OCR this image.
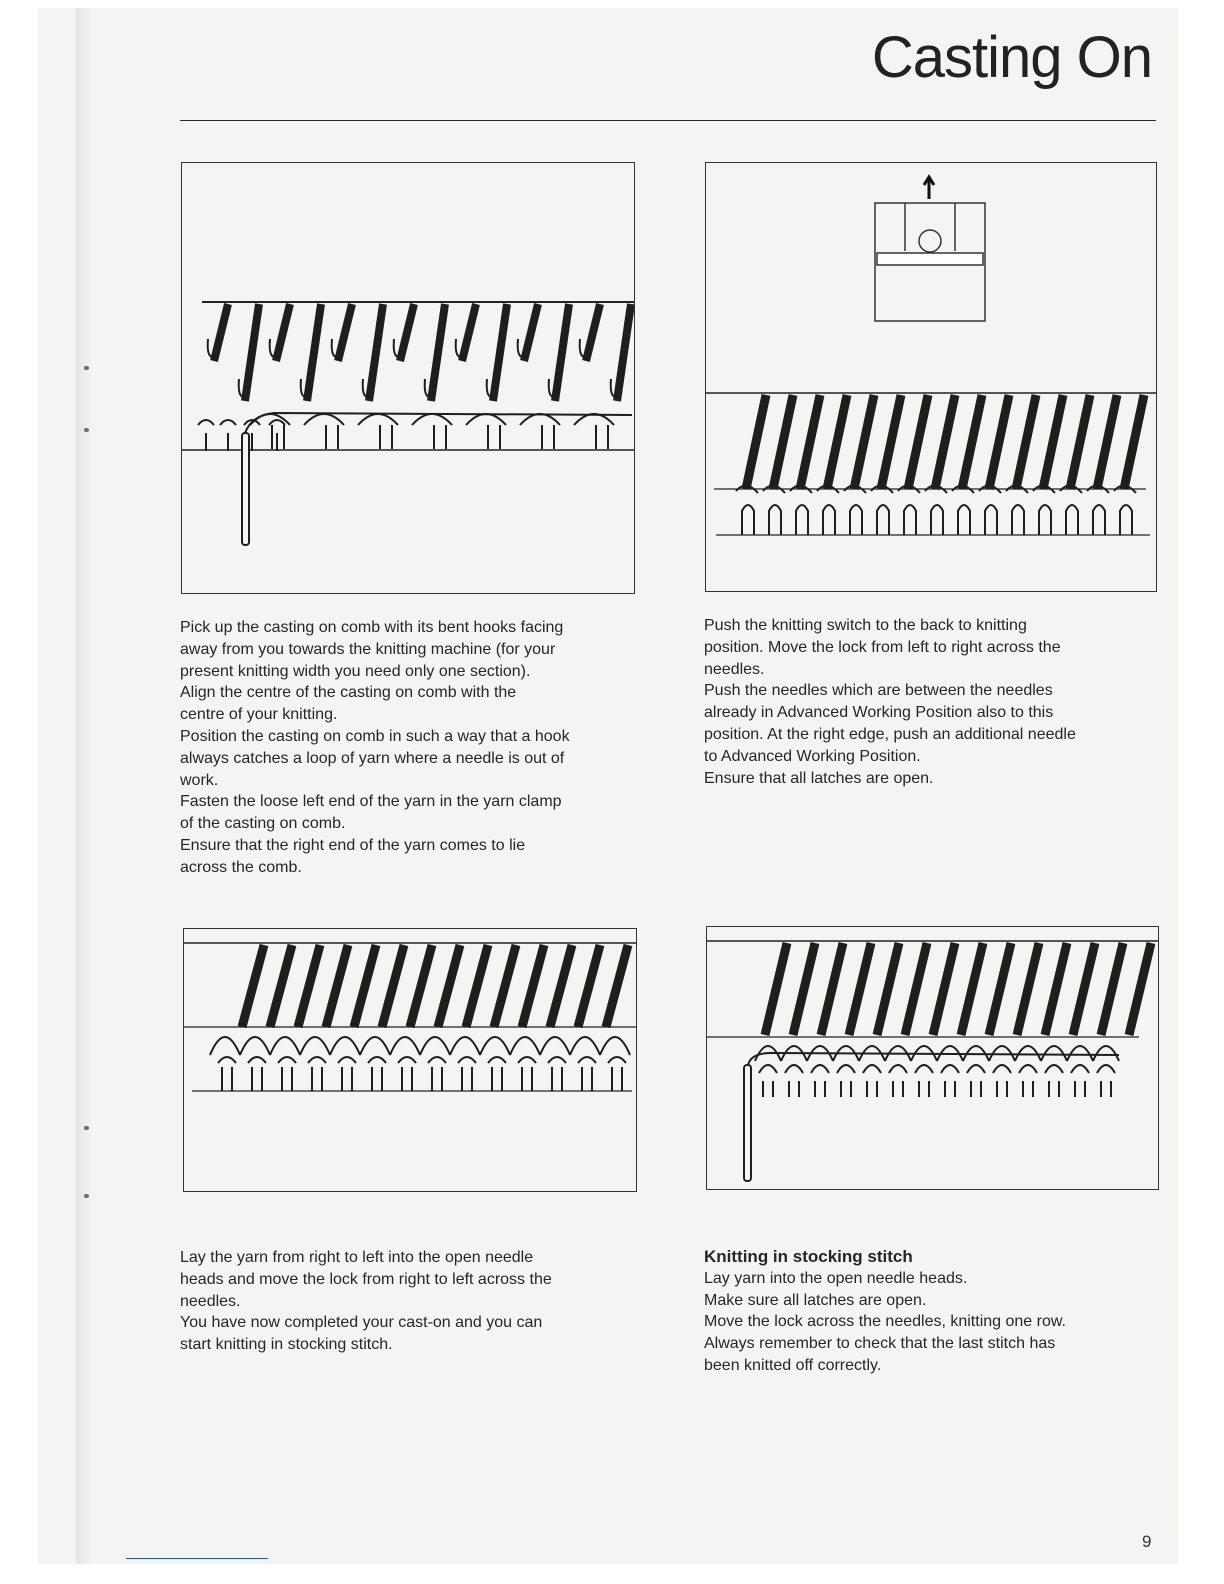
Casting On

Pick up the casting on comb with its bent hooks facing

away from you towards the knitting machine (for your

present knitting width you need only one section).

Align the centre of the casting on comb with the

centre of your knitting.

Position the casting on comb in such a way that a hook

always catches a loop of yarn where a needle is out of

work.

Fasten the loose left end of the yarn in the yarn clamp

of the casting on comb.

Ensure that the right end of the yarn comes to lie

across the comb.

Push the knitting switch to the back to knitting

position. Move the lock from left to right across the

needles.

Push the needles which are between the needles

already in Advanced Working Position also to this

position. At the right edge, push an additional needle

to Advanced Working Position.

Ensure that all latches are open.

Lay the yarn from right to left into the open needle

heads and move the lock from right to left across the

needles.

You have now completed your cast-on and you can

start knitting in stocking stitch.

Knitting in stocking stitch

Lay yarn into the open needle heads.

Make sure all latches are open.

Move the lock across the needles, knitting one row.

Always remember to check that the last stitch has

been knitted off correctly.

9
